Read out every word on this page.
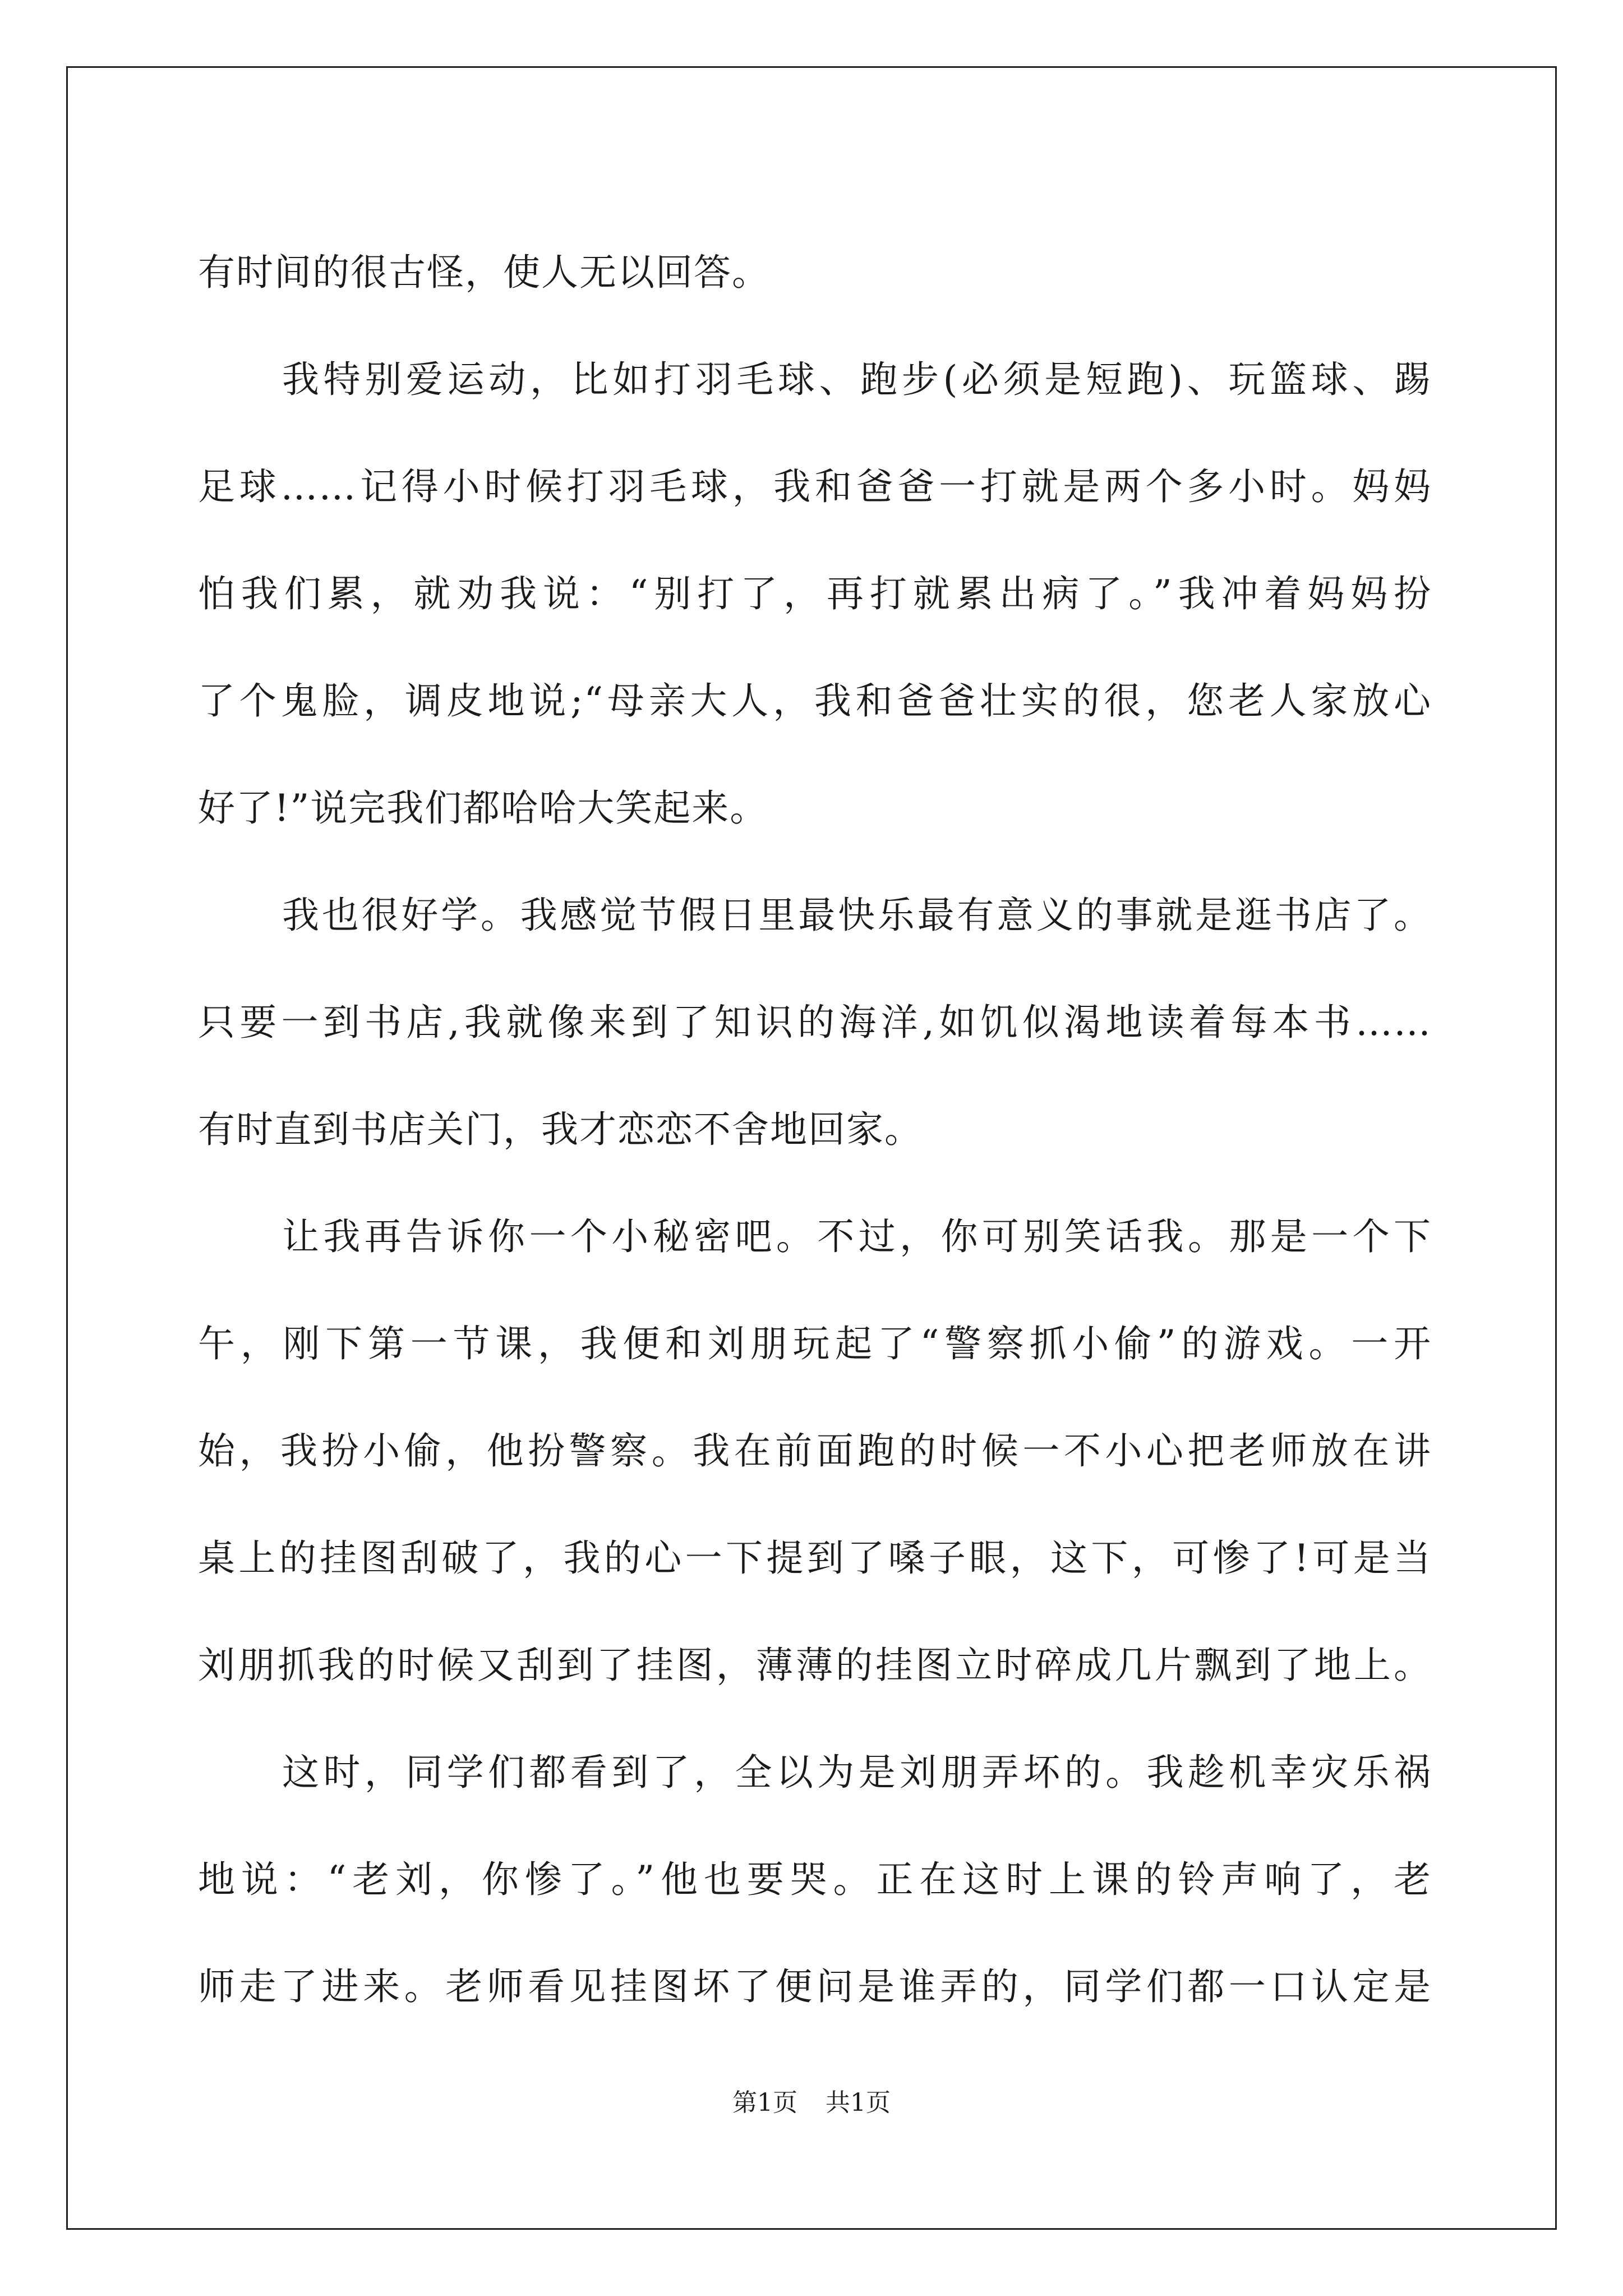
有时间的很古怪，使人无以回答。
我特别爱运动，比如打羽毛球、跑步(必须是短跑)、玩篮球、踢
足球……记得小时候打羽毛球，我和爸爸一打就是两个多小时。妈妈
怕我们累，就劝我说：“别打了，再打就累出病了。”我冲着妈妈扮
了个鬼脸，调皮地说;“母亲大人，我和爸爸壮实的很，您老人家放心
好了!”说完我们都哈哈大笑起来。
我也很好学。我感觉节假日里最快乐最有意义的事就是逛书店了。
只要一到书店,我就像来到了知识的海洋,如饥似渴地读着每本书……
有时直到书店关门，我才恋恋不舍地回家。
让我再告诉你一个小秘密吧。不过，你可别笑话我。那是一个下
午，刚下第一节课，我便和刘朋玩起了“警察抓小偷”的游戏。一开
始，我扮小偷，他扮警察。我在前面跑的时候一不小心把老师放在讲
桌上的挂图刮破了，我的心一下提到了嗓子眼，这下，可惨了!可是当
刘朋抓我的时候又刮到了挂图，薄薄的挂图立时碎成几片飘到了地上。
这时，同学们都看到了，全以为是刘朋弄坏的。我趁机幸灾乐祸
地说：“老刘，你惨了。”他也要哭。正在这时上课的铃声响了，老
师走了进来。老师看见挂图坏了便问是谁弄的，同学们都一口认定是
第1页 共1页
